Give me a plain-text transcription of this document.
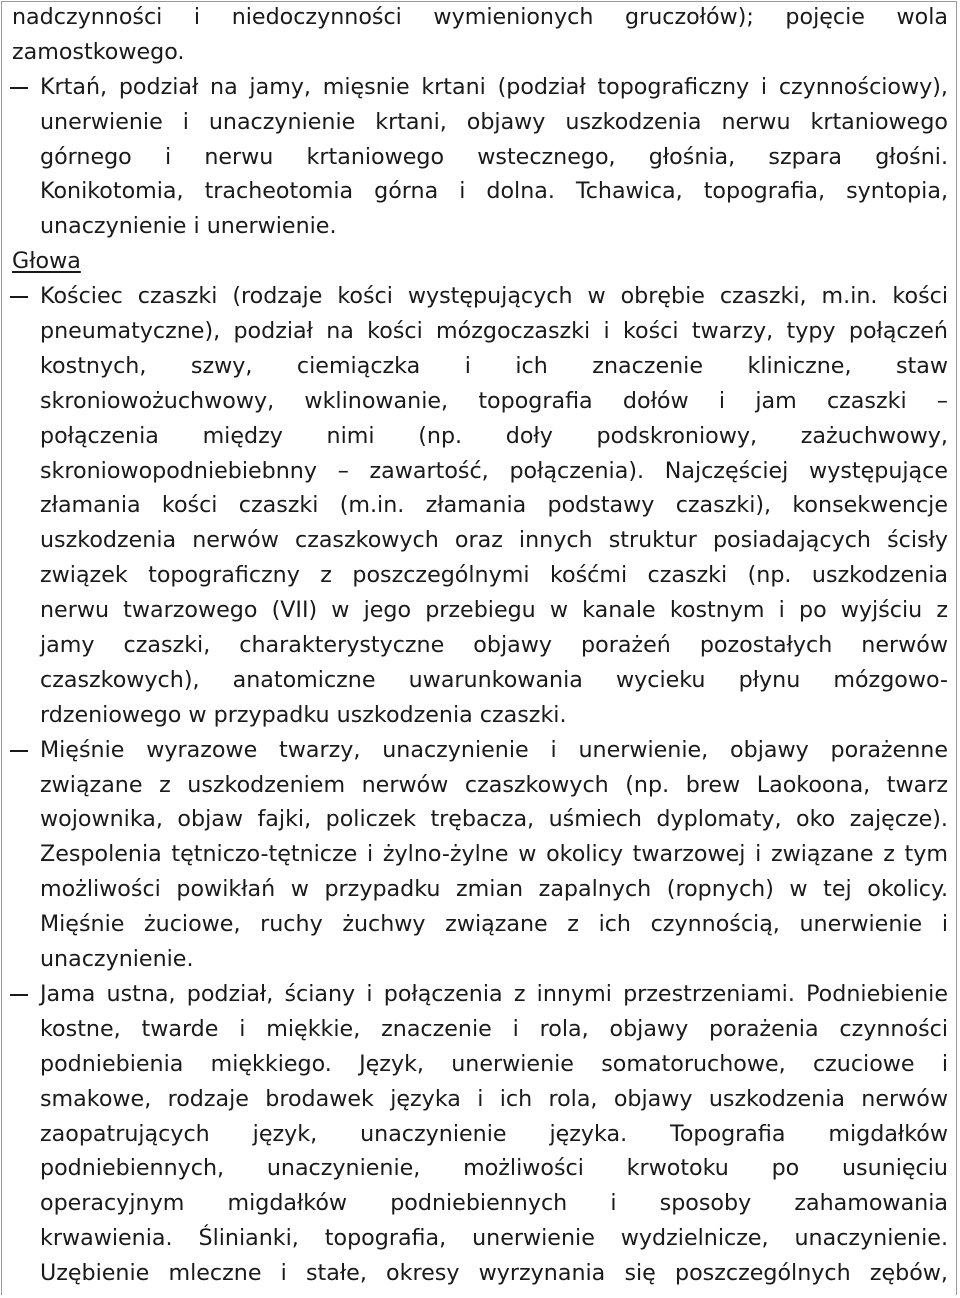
nadczynności i niedoczynności wymienionych gruczołów); pojęcie wola
zamostkowego.
Krtań, podział na jamy, mięsnie krtani (podział topograficzny i czynnościowy),
unerwienie i unaczynienie krtani, objawy uszkodzenia nerwu krtaniowego
górnego i nerwu krtaniowego wstecznego, głośnia, szpara głośni.
Konikotomia, tracheotomia górna i dolna. Tchawica, topografia, syntopia,
unaczynienie i unerwienie.
Głowa
Kościec czaszki (rodzaje kości występujących w obrębie czaszki, m.in. kości
pneumatyczne), podział na kości mózgoczaszki i kości twarzy, typy połączeń
kostnych, szwy, ciemiączka i ich znaczenie kliniczne, staw
skroniowożuchwowy, wklinowanie, topografia dołów i jam czaszki –
połączenia między nimi (np. doły podskroniowy, zażuchwowy,
skroniowopodniebiebnny – zawartość, połączenia). Najczęściej występujące
złamania kości czaszki (m.in. złamania podstawy czaszki), konsekwencje
uszkodzenia nerwów czaszkowych oraz innych struktur posiadających ścisły
związek topograficzny z poszczególnymi kośćmi czaszki (np. uszkodzenia
nerwu twarzowego (VII) w jego przebiegu w kanale kostnym i po wyjściu z
jamy czaszki, charakterystyczne objawy porażeń pozostałych nerwów
czaszkowych), anatomiczne uwarunkowania wycieku płynu mózgowo-
rdzeniowego w przypadku uszkodzenia czaszki.
Mięśnie wyrazowe twarzy, unaczynienie i unerwienie, objawy porażenne
związane z uszkodzeniem nerwów czaszkowych (np. brew Laokoona, twarz
wojownika, objaw fajki, policzek trębacza, uśmiech dyplomaty, oko zajęcze).
Zespolenia tętniczo-tętnicze i żylno-żylne w okolicy twarzowej i związane z tym
możliwości powikłań w przypadku zmian zapalnych (ropnych) w tej okolicy.
Mięśnie żuciowe, ruchy żuchwy związane z ich czynnością, unerwienie i
unaczynienie.
Jama ustna, podział, ściany i połączenia z innymi przestrzeniami. Podniebienie
kostne, twarde i miękkie, znaczenie i rola, objawy porażenia czynności
podniebienia miękkiego. Język, unerwienie somatoruchowe, czuciowe i
smakowe, rodzaje brodawek języka i ich rola, objawy uszkodzenia nerwów
zaopatrujących język, unaczynienie języka. Topografia migdałków
podniebiennych, unaczynienie, możliwości krwotoku po usunięciu
operacyjnym migdałków podniebiennych i sposoby zahamowania
krwawienia. Ślinianki, topografia, unerwienie wydzielnicze, unaczynienie.
Uzębienie mleczne i stałe, okresy wyrzynania się poszczególnych zębów,
